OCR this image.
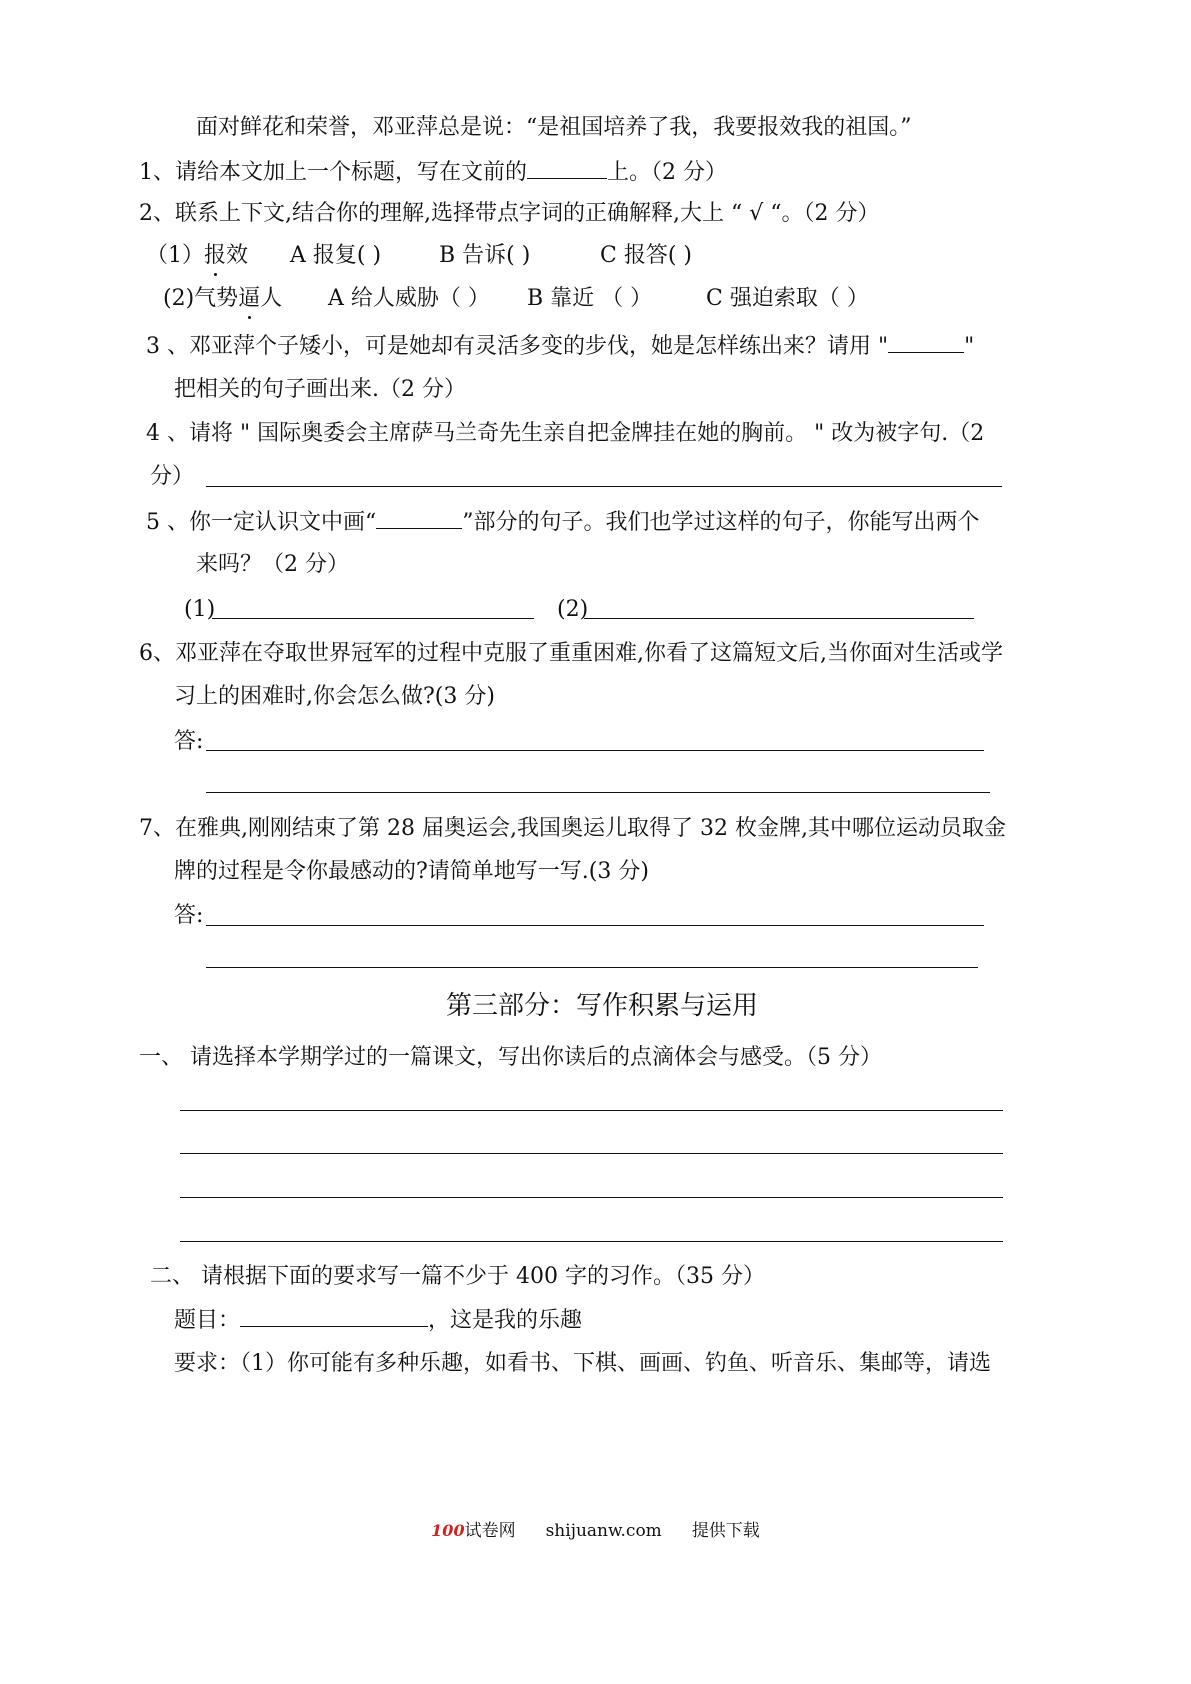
面对鲜花和荣誉，邓亚萍总是说：“是祖国培养了我，我要报效我的祖国。”
1、请给本文加上一个标题，写在文前的	上。（2 分）
2、联系上下文,结合你的理解,选择带点字词的正确解释,大上 “ √ “。（2 分）
（1）报效 A 报复( )	B 告诉( )	C 报答( )
(2)气势逼人 A 给人威胁（ ） B 靠近 （ ） C 强迫索取（ ）
3 、邓亚萍个子矮小，可是她却有灵活多变的步伐，她是怎样练出来？请用 "	"
把相关的句子画出来.（2 分）
4 、请将 " 国际奥委会主席萨马兰奇先生亲自把金牌挂在她的胸前。 " 改为被字句.（2
分）
5 、你一定认识文中画“	”部分的句子。我们也学过这样的句子，你能写出两个
来吗？（2 分）
(1)	(2)
6、邓亚萍在夺取世界冠军的过程中克服了重重困难,你看了这篇短文后,当你面对生活或学
习上的困难时,你会怎么做?(3 分)
答:
7、在雅典,刚刚结束了第 28 届奥运会,我国奥运儿取得了 32 枚金牌,其中哪位运动员取金
牌的过程是令你最感动的?请简单地写一写.(3 分)
答:
第三部分：写作积累与运用
一、 请选择本学期学过的一篇课文，写出你读后的点滴体会与感受。（5 分）
二、 请根据下面的要求写一篇不少于 400 字的习作。（35 分）
题目：	，这是我的乐趣
要求：（1）你可能有多种乐趣，如看书、下棋、画画、钓鱼、听音乐、集邮等，请选
100试卷网 shijuanw.com 提供下载
